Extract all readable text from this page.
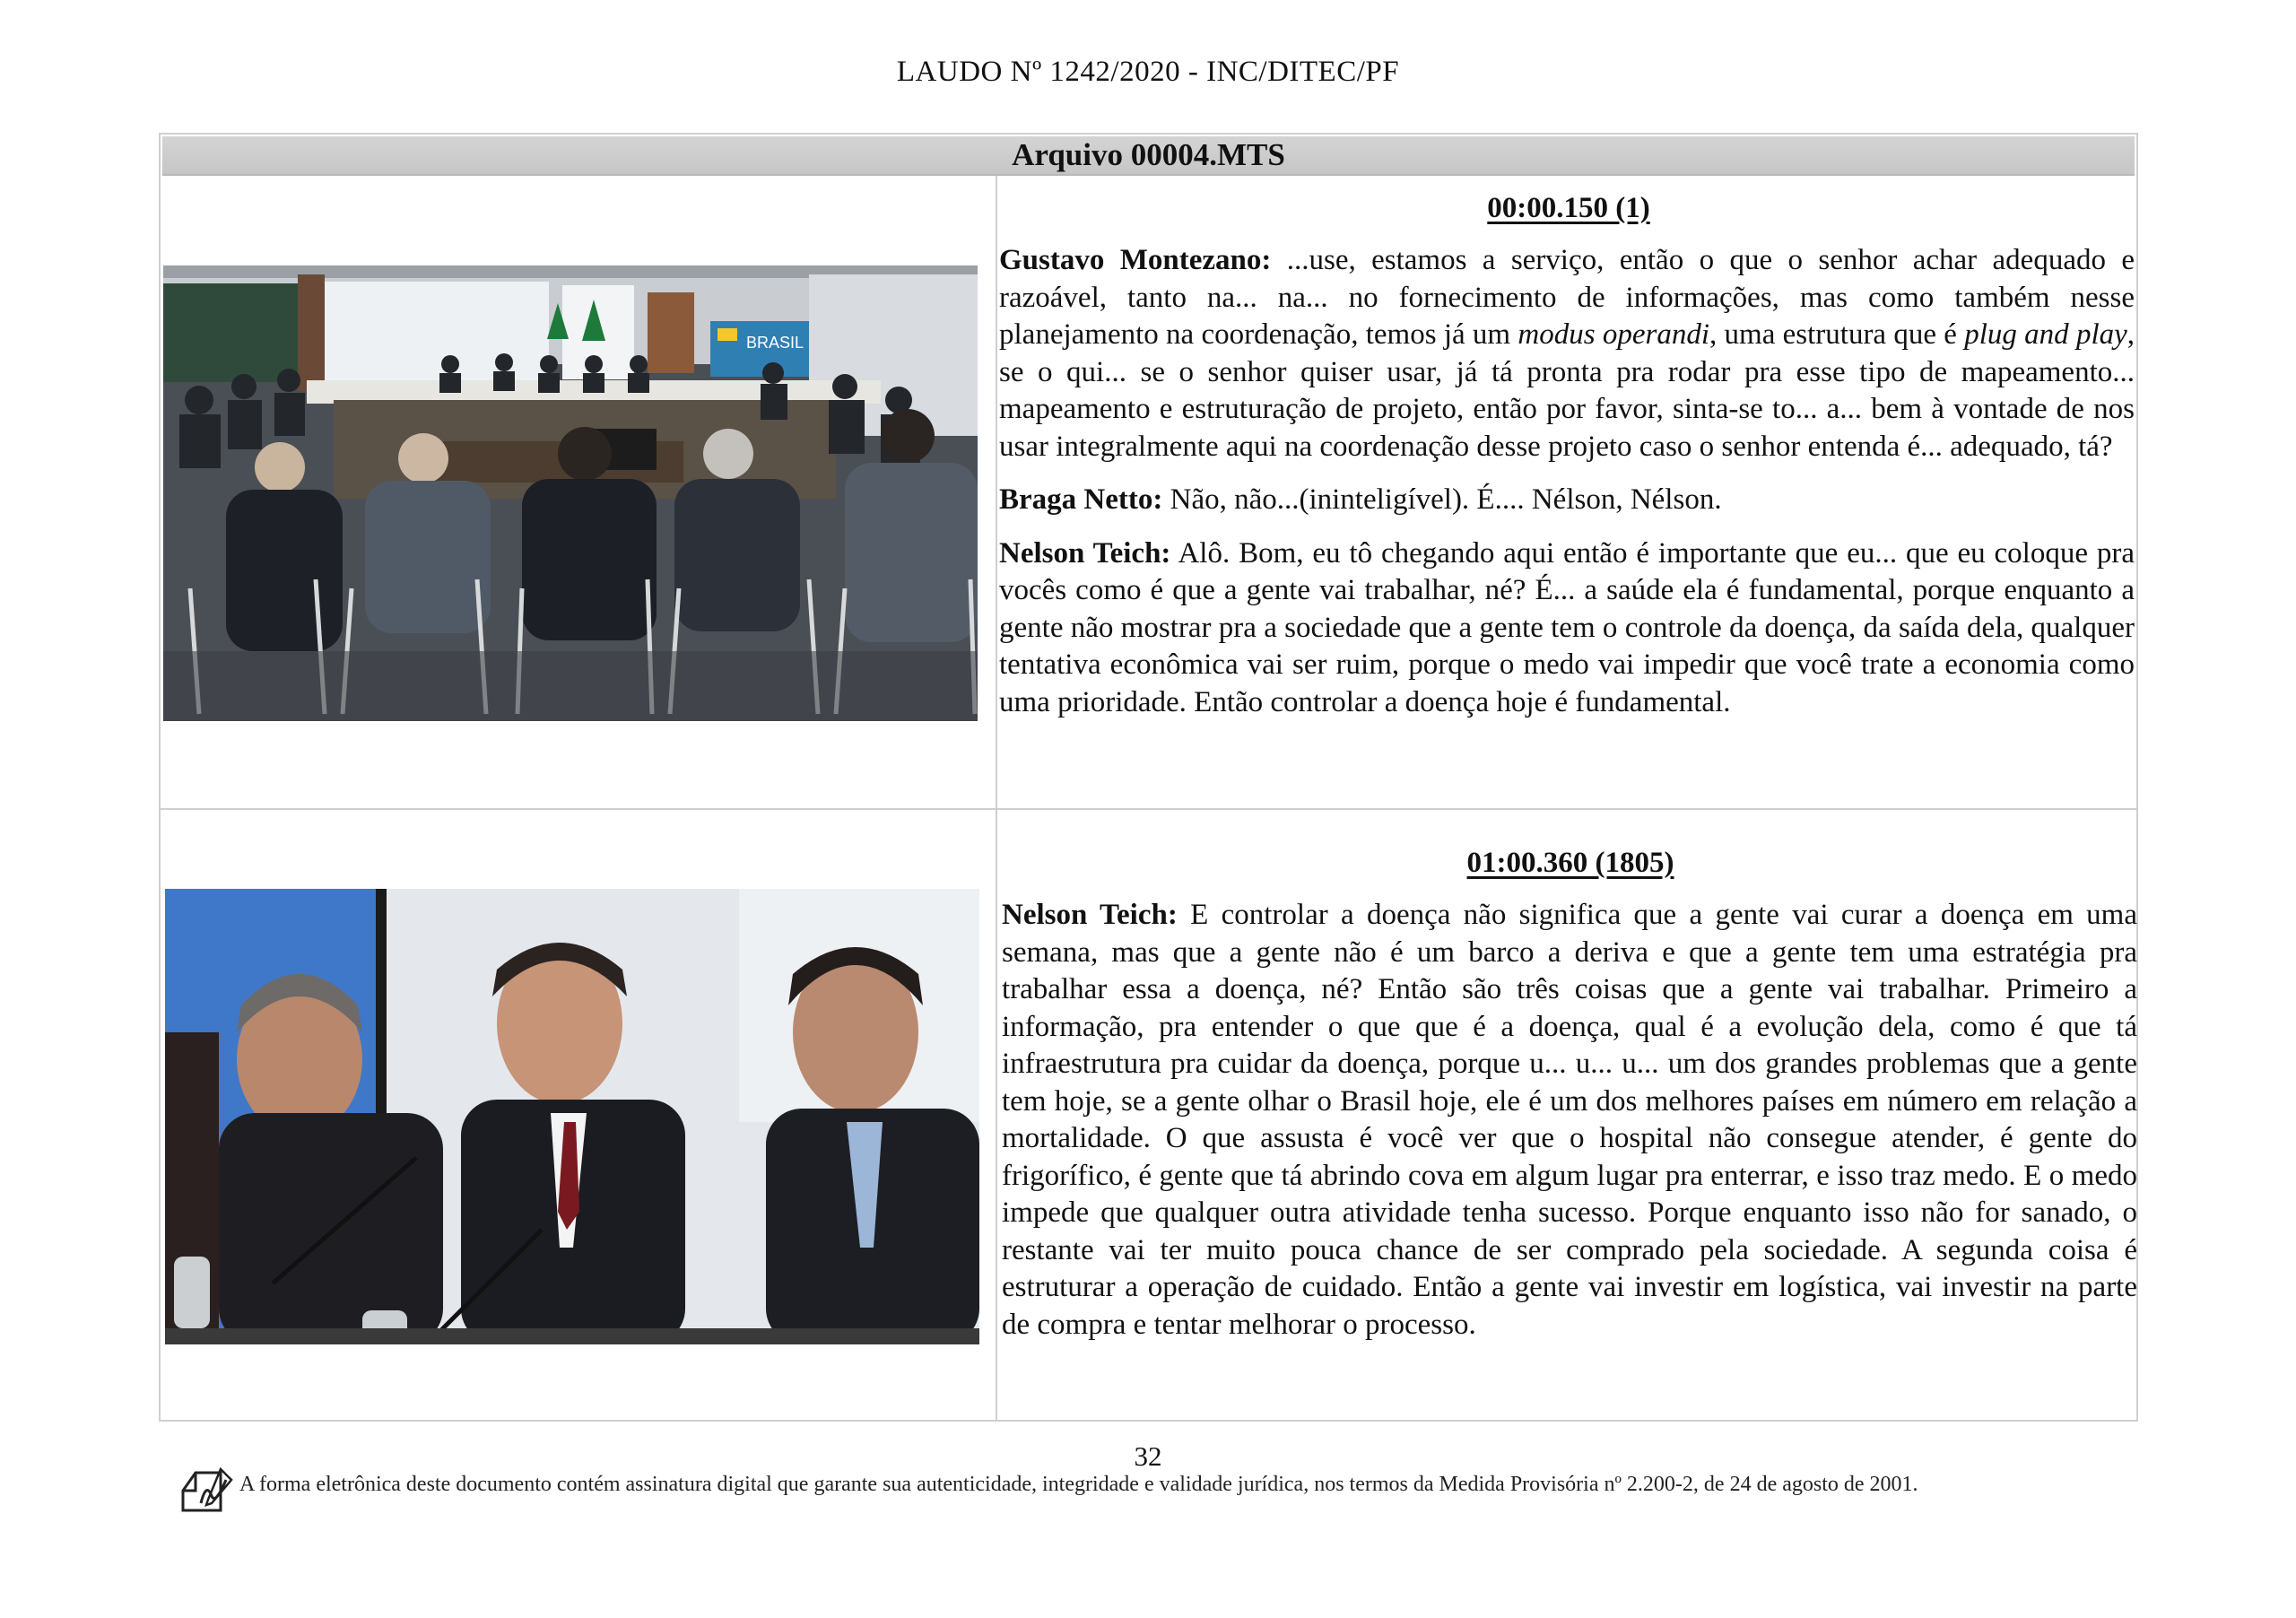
LAUDO Nº 1242/2020 - INC/DITEC/PF
Arquivo 00004.MTS
BRASIL
00:00.150 (1)

Gustavo Montezano: ...use, estamos a serviço, então o que o senhor achar adequado e razoável, tanto na... na... no fornecimento de informações, mas como também nesse planejamento na coordenação, temos já um modus operandi, uma estrutura que é plug and play, se o qui... se o senhor quiser usar, já tá pronta pra rodar pra esse tipo de mapeamento... mapeamento e estruturação de projeto, então por favor, sinta-se to... a... bem à vontade de nos usar integralmente aqui na coordenação desse projeto caso o senhor entenda é... adequado, tá?

Braga Netto: Não, não...(ininteligível). É.... Nélson, Nélson.

Nelson Teich: Alô. Bom, eu tô chegando aqui então é importante que eu... que eu coloque pra vocês como é que a gente vai trabalhar, né? É... a saúde ela é fundamental, porque enquanto a gente não mostrar pra a sociedade que a gente tem o controle da doença, da saída dela, qualquer tentativa econômica vai ser ruim, porque o medo vai impedir que você trate a economia como uma prioridade. Então controlar a doença hoje é fundamental.

01:00.360 (1805)

Nelson Teich: E controlar a doença não significa que a gente vai curar a doença em uma semana, mas que a gente não é um barco a deriva e que a gente tem uma estratégia pra trabalhar essa a doença, né? Então são três coisas que a gente vai trabalhar. Primeiro a informação, pra entender o que que é a doença, qual é a evolução dela, como é que tá infraestrutura pra cuidar da doença, porque u... u... u... um dos grandes problemas que a gente tem hoje, se a gente olhar o Brasil hoje, ele é um dos melhores países em número em relação a mortalidade. O que assusta é você ver que o hospital não consegue atender, é gente do frigorífico, é gente que tá abrindo cova em algum lugar pra enterrar, e isso traz medo. E o medo impede que qualquer outra atividade tenha sucesso. Porque enquanto isso não for sanado, o restante vai ter muito pouca chance de ser comprado pela sociedade. A segunda coisa é estruturar a operação de cuidado. Então a gente vai investir em logística, vai investir na parte de compra e tentar melhorar o processo.

32
A forma eletrônica deste documento contém assinatura digital que garante sua autenticidade, integridade e validade jurídica, nos termos da Medida Provisória nº 2.200-2, de 24 de agosto de 2001.
